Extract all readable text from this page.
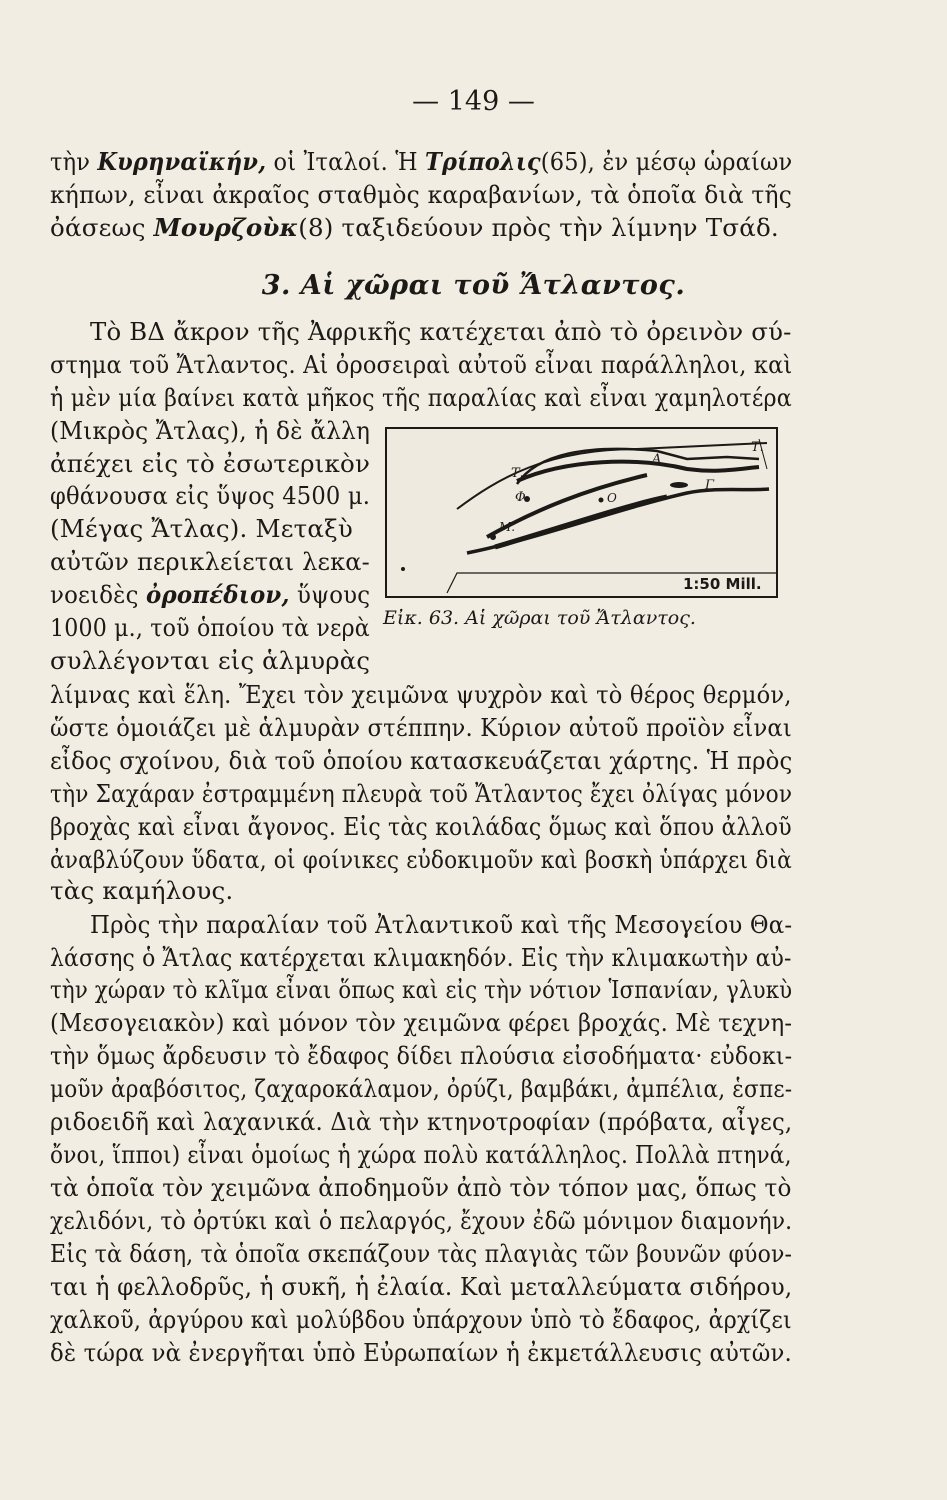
— 149 —
τὴν Κυρηναϊκήν, οἱ Ἰταλοί. Ἡ Τρίπολις(65), ἐν μέσῳ ὡραίων
κήπων, εἶναι ἀκραῖος σταθμὸς καραβανίων, τὰ ὁποῖα διὰ τῆς
ὀάσεως Μουρζοὺκ(8) ταξιδεύουν πρὸς τὴν λίμνην Τσάδ.
3. Αἱ χῶραι τοῦ Ἄτλαντος.
Τὸ ΒΔ ἄκρον τῆς Ἀφρικῆς κατέχεται ἀπὸ τὸ ὀρεινὸν σύ-
στημα τοῦ Ἄτλαντος. Αἱ ὀροσειραὶ αὐτοῦ εἶναι παράλληλοι, καὶ
ἡ μὲν μία βαίνει κατὰ μῆκος τῆς παραλίας καὶ εἶναι χαμηλοτέρα
(Μικρὸς Ἄτλας), ἡ δὲ ἄλλη
ἀπέχει εἰς τὸ ἐσωτερικὸν
φθάνουσα εἰς ὕψος 4500 μ.
(Μέγας Ἄτλας). Μεταξὺ
αὐτῶν περικλείεται λεκα-
νοειδὲς ὀροπέδιον, ὕψους
1000 μ., τοῦ ὁποίου τὰ νερὰ
συλλέγονται εἰς ἁλμυρὰς
Τ.
Α
Τ.
Γ
Φ	Ο
Μ.
1:50 Mill.
Εἰκ. 63. Αἱ χῶραι τοῦ Ἄτλαντος.
λίμνας καὶ ἕλη. Ἔχει τὸν χειμῶνα ψυχρὸν καὶ τὸ θέρος θερμόν,
ὥστε ὁμοιάζει μὲ ἁλμυρὰν στέππην. Κύριον αὐτοῦ προϊὸν εἶναι
εἶδος σχοίνου, διὰ τοῦ ὁποίου κατασκευάζεται χάρτης. Ἡ πρὸς
τὴν Σαχάραν ἐστραμμένη πλευρὰ τοῦ Ἄτλαντος ἔχει ὀλίγας μόνον
βροχὰς καὶ εἶναι ἄγονος. Εἰς τὰς κοιλάδας ὅμως καὶ ὅπου ἀλλοῦ
ἀναβλύζουν ὕδατα, οἱ φοίνικες εὐδοκιμοῦν καὶ βοσκὴ ὑπάρχει διὰ
τὰς καμήλους.
Πρὸς τὴν παραλίαν τοῦ Ἀτλαντικοῦ καὶ τῆς Μεσογείου Θα-
λάσσης ὁ Ἄτλας κατέρχεται κλιμακηδόν. Εἰς τὴν κλιμακωτὴν αὐ-
τὴν χώραν τὸ κλῖμα εἶναι ὅπως καὶ εἰς τὴν νότιον Ἱσπανίαν, γλυκὺ
(Μεσογειακὸν) καὶ μόνον τὸν χειμῶνα φέρει βροχάς. Μὲ τεχνη-
τὴν ὅμως ἄρδευσιν τὸ ἔδαφος δίδει πλούσια εἰσοδήματα· εὐδοκι-
μοῦν ἀραβόσιτος, ζαχαροκάλαμον, ὀρύζι, βαμβάκι, ἀμπέλια, ἑσπε-
ριδοειδῆ καὶ λαχανικά. Διὰ τὴν κτηνοτροφίαν (πρόβατα, αἶγες,
ὄνοι, ἵπποι) εἶναι ὁμοίως ἡ χώρα πολὺ κατάλληλος. Πολλὰ πτηνά,
τὰ ὁποῖα τὸν χειμῶνα ἀποδημοῦν ἀπὸ τὸν τόπον μας, ὅπως τὸ
χελιδόνι, τὸ ὀρτύκι καὶ ὁ πελαργός, ἔχουν ἐδῶ μόνιμον διαμονήν.
Εἰς τὰ δάση, τὰ ὁποῖα σκεπάζουν τὰς πλαγιὰς τῶν βουνῶν φύον-
ται ἡ φελλοδρῦς, ἡ συκῆ, ἡ ἐλαία. Καὶ μεταλλεύματα σιδήρου,
χαλκοῦ, ἀργύρου καὶ μολύβδου ὑπάρχουν ὑπὸ τὸ ἔδαφος, ἀρχίζει
δὲ τώρα νὰ ἐνεργῆται ὑπὸ Εὐρωπαίων ἡ ἐκμετάλλευσις αὐτῶν.
